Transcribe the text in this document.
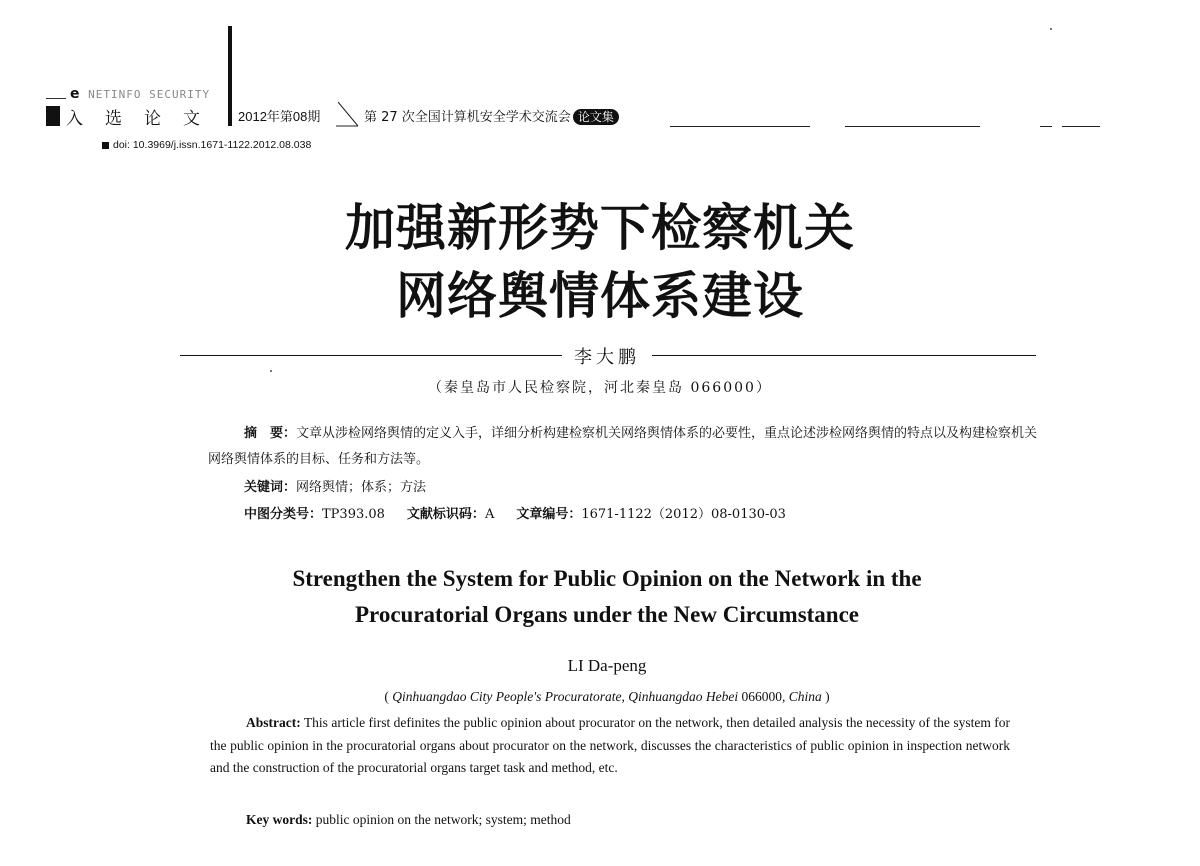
e NETINFO SECURITY
入选论文 2012年第08期	第 27 次全国计算机安全学术交流会 论文集
doi: 10.3969/j.issn.1671-1122.2012.08.038
加强新形势下检察机关
网络舆情体系建设
李大鹏
（秦皇岛市人民检察院，河北秦皇岛 066000）
摘　要：文章从涉检网络舆情的定义入手，详细分析构建检察机关网络舆情体系的必要性，重点论述涉检网络舆情的特点以及构建检察机关网络舆情体系的目标、任务和方法等。
关键词：网络舆情；体系；方法
中图分类号：TP393.08 文献标识码：A 文章编号：1671-1122（2012）08-0130-03
Strengthen the System for Public Opinion on the Network in the
Procuratorial Organs under the New Circumstance
LI Da-peng
( Qinhuangdao City People's Procuratorate, Qinhuangdao Hebei 066000, China )
Abstract: This article first definites the public opinion about procurator on the network, then detailed analysis the necessity of the system for the public opinion in the procuratorial organs about procurator on the network, discusses the characteristics of public opinion in inspection network and the construction of the procuratorial organs target task and method, etc.
Key words: public opinion on the network; system; method
